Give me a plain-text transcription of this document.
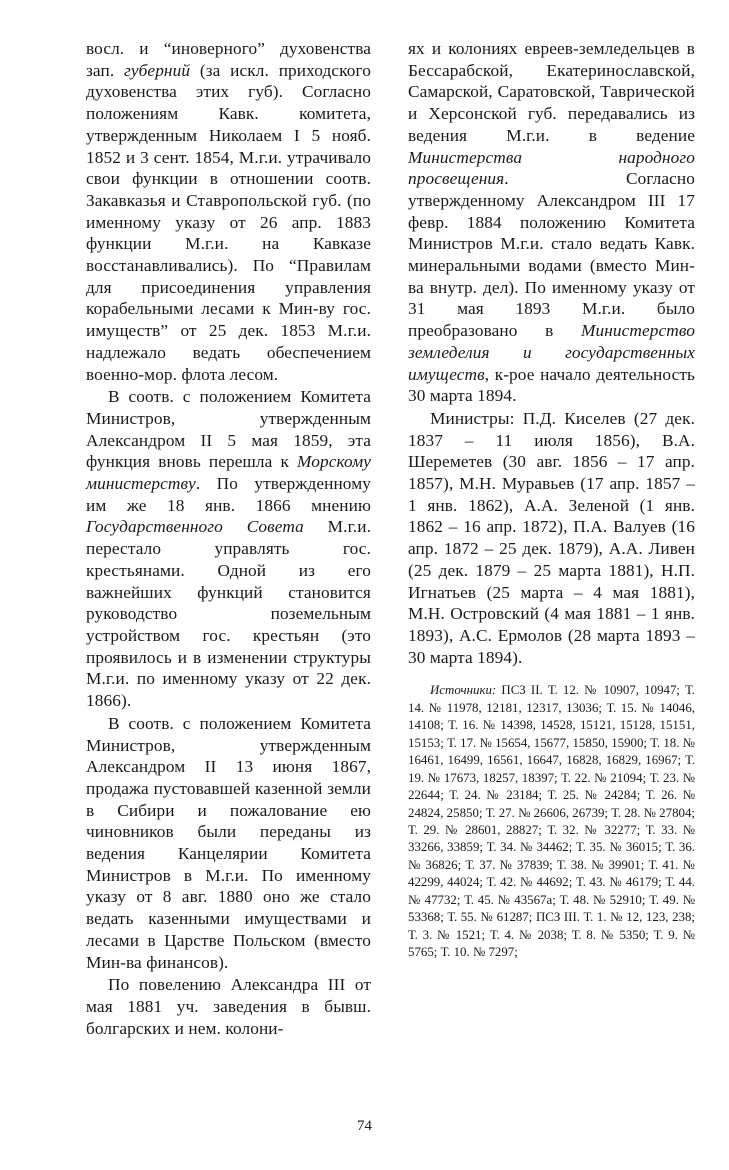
восл. и “иноверного” духовенства зап. губерний (за искл. приходского духовенства этих губ). Согласно положениям Кавк. комитета, утвержденным Николаем I 5 нояб. 1852 и 3 сент. 1854, М.г.и. утрачивало свои функции в отношении соотв. Закавказья и Ставропольской губ. (по именному указу от 26 апр. 1883 функции М.г.и. на Кавказе восстанавливались). По “Правилам для присоединения управления корабельными лесами к Мин-ву гос. имуществ” от 25 дек. 1853 М.г.и. надлежало ведать обеспечением военно-мор. флота лесом.

В соотв. с положением Комитета Министров, утвержденным Александром II 5 мая 1859, эта функция вновь перешла к Морскому министерству. По утвержденному им же 18 янв. 1866 мнению Государственного Совета М.г.и. перестало управлять гос. крестьянами. Одной из его важнейших функций становится руководство поземельным устройством гос. крестьян (это проявилось и в изменении структуры М.г.и. по именному указу от 22 дек. 1866).

В соотв. с положением Комитета Министров, утвержденным Александром II 13 июня 1867, продажа пустовавшей казенной земли в Сибири и пожалование ею чиновников были переданы из ведения Канцелярии Комитета Министров в М.г.и. По именному указу от 8 авг. 1880 оно же стало ведать казенными имуществами и лесами в Царстве Польском (вместо Мин-ва финансов).

По повелению Александра III от мая 1881 уч. заведения в бывш. болгарских и нем. колони-

ях и колониях евреев-земледельцев в Бессарабской, Екатеринославской, Самарской, Саратовской, Таврической и Херсонской губ. передавались из ведения М.г.и. в ведение Министерства народного просвещения. Согласно утвержденному Александром III 17 февр. 1884 положению Комитета Министров М.г.и. стало ведать Кавк. минеральными водами (вместо Мин-ва внутр. дел). По именному указу от 31 мая 1893 М.г.и. было преобразовано в Министерство земледелия и государственных имуществ, к-рое начало деятельность 30 марта 1894.

Министры: П.Д. Киселев (27 дек. 1837 – 11 июля 1856), В.А. Шереметев (30 авг. 1856 – 17 апр. 1857), М.Н. Муравьев (17 апр. 1857 – 1 янв. 1862), А.А. Зеленой (1 янв. 1862 – 16 апр. 1872), П.А. Валуев (16 апр. 1872 – 25 дек. 1879), А.А. Ливен (25 дек. 1879 – 25 марта 1881), Н.П. Игнатьев (25 марта – 4 мая 1881), М.Н. Островский (4 мая 1881 – 1 янв. 1893), А.С. Ермолов (28 марта 1893 – 30 марта 1894).

Источники: ПСЗ II. Т. 12. № 10907, 10947; Т. 14. № 11978, 12181, 12317, 13036; Т. 15. № 14046, 14108; Т. 16. № 14398, 14528, 15121, 15128, 15151, 15153; Т. 17. № 15654, 15677, 15850, 15900; Т. 18. № 16461, 16499, 16561, 16647, 16828, 16829, 16967; Т. 19. № 17673, 18257, 18397; Т. 22. № 21094; Т. 23. № 22644; Т. 24. № 23184; Т. 25. № 24284; Т. 26. № 24824, 25850; Т. 27. № 26606, 26739; Т. 28. № 27804; Т. 29. № 28601, 28827; Т. 32. № 32277; Т. 33. № 33266, 33859; Т. 34. № 34462; Т. 35. № 36015; Т. 36. № 36826; Т. 37. № 37839; Т. 38. № 39901; Т. 41. № 42299, 44024; Т. 42. № 44692; Т. 43. № 46179; Т. 44. № 47732; Т. 45. № 43567а; Т. 48. № 52910; Т. 49. № 53368; Т. 55. № 61287; ПСЗ III. Т. 1. № 12, 123, 238; Т. 3. № 1521; Т. 4. № 2038; Т. 8. № 5350; Т. 9. № 5765; Т. 10. № 7297;

74
